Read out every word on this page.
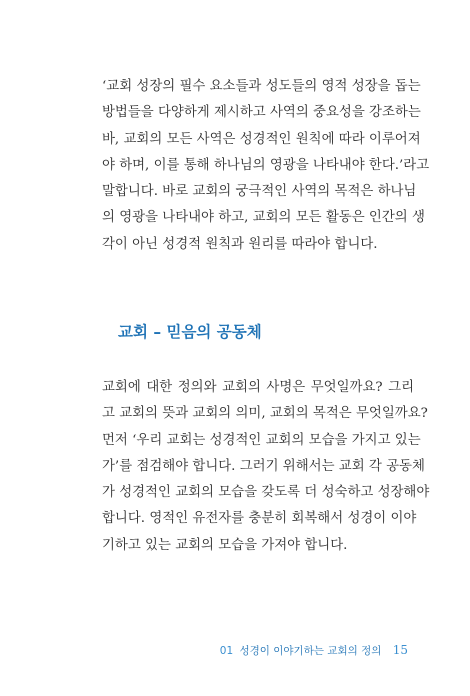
‘교회 성장의 필수 요소들과 성도들의 영적 성장을 돕는
방법들을 다양하게 제시하고 사역의 중요성을 강조하는
바, 교회의 모든 사역은 성경적인 원칙에 따라 이루어져
야 하며, 이를 통해 하나님의 영광을 나타내야 한다.’라고
말합니다. 바로 교회의 궁극적인 사역의 목적은 하나님
의 영광을 나타내야 하고, 교회의 모든 활동은 인간의 생
각이 아닌 성경적 원칙과 원리를 따라야 합니다.

교회 – 믿음의 공동체

교회에 대한 정의와 교회의 사명은 무엇일까요? 그리
고 교회의 뜻과 교회의 의미, 교회의 목적은 무엇일까요?
먼저 ‘우리 교회는 성경적인 교회의 모습을 가지고 있는
가’를 점검해야 합니다. 그러기 위해서는 교회 각 공동체
가 성경적인 교회의 모습을 갖도록 더 성숙하고 성장해야
합니다. 영적인 유전자를 충분히 회복해서 성경이 이야
기하고 있는 교회의 모습을 가져야 합니다.

01 성경이 이야기하는 교회의 정의 15
